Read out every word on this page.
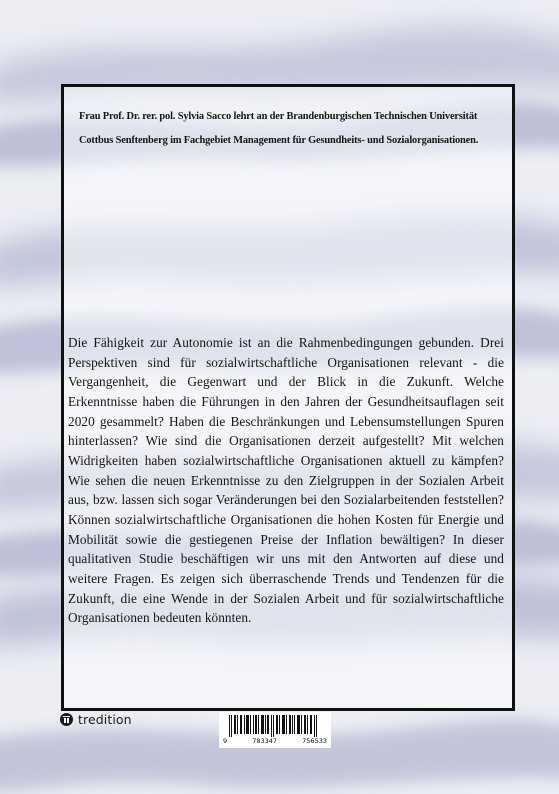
Frau Prof. Dr. rer. pol. Sylvia Sacco lehrt an der Brandenburgischen Technischen Universität Cottbus Senftenberg im Fachgebiet Management für Gesundheits- und Sozialorganisationen.

Die Fähigkeit zur Autonomie ist an die Rahmenbedingungen gebunden. Drei Perspektiven sind für sozialwirtschaftliche Organisationen relevant - die Vergangenheit, die Gegenwart und der Blick in die Zukunft. Welche Erkenntnisse haben die Führungen in den Jahren der Gesundheitsauflagen seit 2020 gesammelt? Haben die Beschränkungen und Lebensumstellungen Spuren hinterlassen? Wie sind die Organisationen derzeit aufgestellt? Mit welchen Widrigkeiten haben sozialwirtschaftliche Organisationen aktuell zu kämpfen? Wie sehen die neuen Erkenntnisse zu den Zielgruppen in der Sozialen Arbeit aus, bzw. lassen sich sogar Veränderungen bei den Sozialarbeitenden feststellen? Können sozialwirtschaftliche Organisationen die hohen Kosten für Energie und Mobilität sowie die gestiegenen Preise der Inflation bewältigen? In dieser qualitativen Studie beschäftigen wir uns mit den Antworten auf diese und weitere Fragen. Es zeigen sich überraschende Trends und Tendenzen für die Zukunft, die eine Wende in der Sozialen Arbeit und für sozialwirtschaftliche Organisationen bedeuten könnten.

tredition
9	783347	756533
